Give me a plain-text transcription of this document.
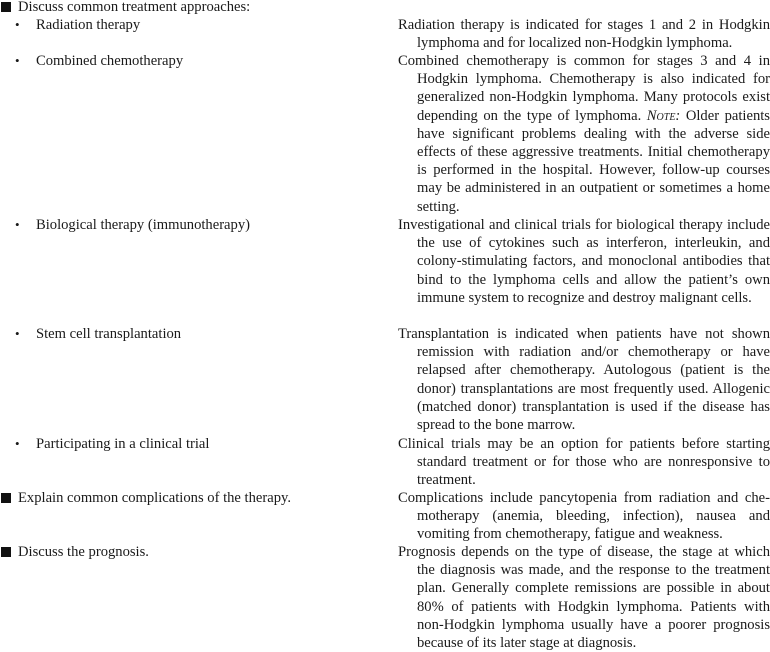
Discuss common treatment approaches:
•	Radiation therapy	Radiation therapy is indicated for stages 1 and 2 in Hodgkin lymphoma and for localized non-Hodgkin lymphoma.

•	Combined chemotherapy	Combined chemotherapy is common for stages 3 and 4 in Hodgkin lymphoma. Chemotherapy is also indicated for generalized non-Hodgkin lymphoma. Many protocols exist depending on the type of lymphoma. Note: Older patients have significant problems dealing with the adverse side effects of these aggressive treatments. Initial chemotherapy is performed in the hospital. However, follow-up courses may be administered in an outpatient or sometimes a home setting.

•	Biological therapy (immunotherapy)	Investigational and clinical trials for biological therapy include the use of cytokines such as interferon, interleukin, and colony-stimulating factors, and monoclonal antibodies that bind to the lymphoma cells and allow the patient’s own immune system to recognize and destroy malignant cells.

•	Stem cell transplantation	Transplantation is indicated when patients have not shown remission with radiation and/or chemotherapy or have relapsed after chemotherapy. Autologous (patient is the donor) transplantations are most frequently used. Allogenic (matched donor) transplantation is used if the disease has spread to the bone marrow.

•	Participating in a clinical trial	Clinical trials may be an option for patients before starting standard treatment or for those who are nonresponsive to treatment.

Explain common complications of the therapy.	Complications include pancytopenia from radiation and chemotherapy (anemia, bleeding, infection), nausea and vomiting from chemotherapy, fatigue and weakness.

Discuss the prognosis.	Prognosis depends on the type of disease, the stage at which the diagnosis was made, and the response to the treatment plan. Generally complete remissions are possible in about 80% of patients with Hodgkin lymphoma. Patients with non-Hodgkin lymphoma usually have a poorer prognosis because of its later stage at diagnosis.
